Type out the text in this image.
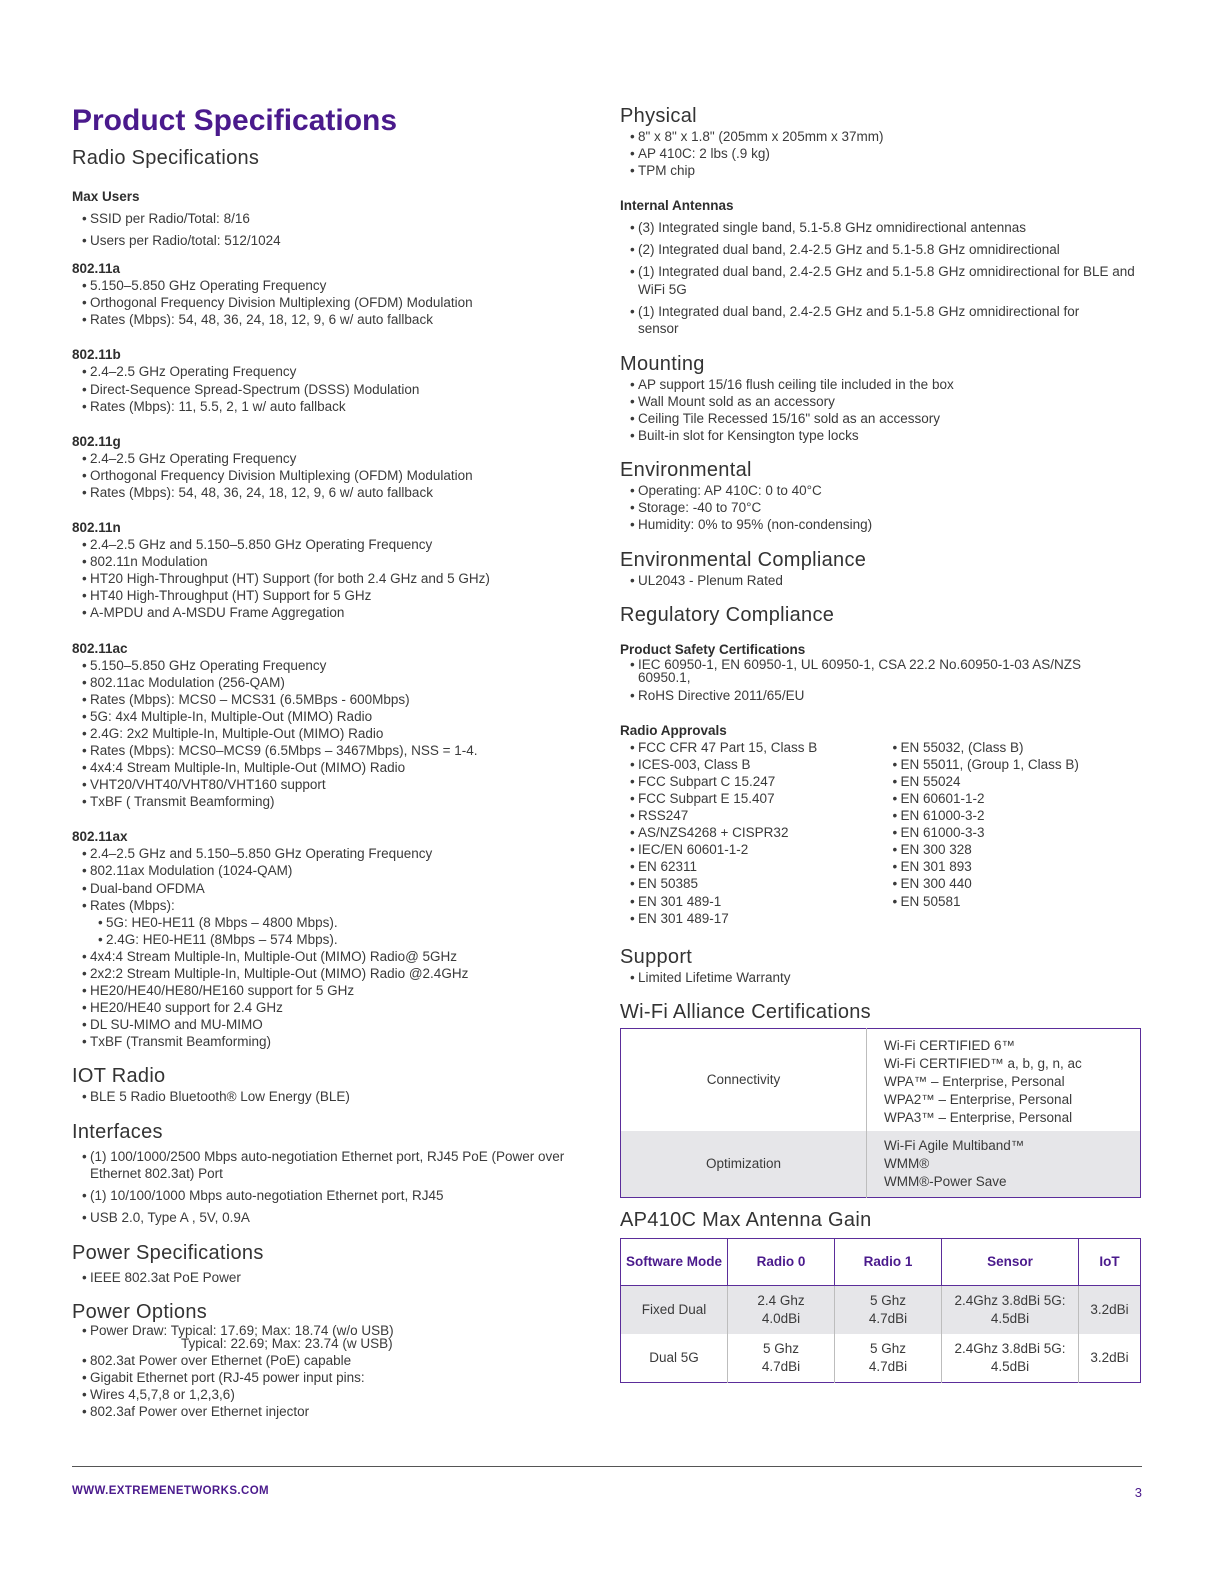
Product Specifications
Radio Specifications
Max Users
• SSID per Radio/Total: 8/16
• Users per Radio/total: 512/1024
802.11a
• 5.150–5.850 GHz Operating Frequency
• Orthogonal Frequency Division Multiplexing (OFDM) Modulation
• Rates (Mbps): 54, 48, 36, 24, 18, 12, 9, 6 w/ auto fallback
802.11b
• 2.4–2.5 GHz Operating Frequency
• Direct-Sequence Spread-Spectrum (DSSS) Modulation
• Rates (Mbps): 11, 5.5, 2, 1 w/ auto fallback
802.11g
• 2.4–2.5 GHz Operating Frequency
• Orthogonal Frequency Division Multiplexing (OFDM) Modulation
• Rates (Mbps): 54, 48, 36, 24, 18, 12, 9, 6 w/ auto fallback
802.11n
• 2.4–2.5 GHz and 5.150–5.850 GHz Operating Frequency
• 802.11n Modulation
• HT20 High-Throughput (HT) Support (for both 2.4 GHz and 5 GHz)
• HT40 High-Throughput (HT) Support for 5 GHz
• A-MPDU and A-MSDU Frame Aggregation
802.11ac
• 5.150–5.850 GHz Operating Frequency
• 802.11ac Modulation (256-QAM)
• Rates (Mbps): MCS0 – MCS31 (6.5MBps - 600Mbps)
• 5G: 4x4 Multiple-In, Multiple-Out (MIMO) Radio
• 2.4G: 2x2 Multiple-In, Multiple-Out (MIMO) Radio
• Rates (Mbps): MCS0–MCS9 (6.5Mbps – 3467Mbps), NSS = 1-4.
• 4x4:4 Stream Multiple-In, Multiple-Out (MIMO) Radio
• VHT20/VHT40/VHT80/VHT160 support
• TxBF ( Transmit Beamforming)
802.11ax
• 2.4–2.5 GHz and 5.150–5.850 GHz Operating Frequency
• 802.11ax Modulation (1024-QAM)
• Dual-band OFDMA
• Rates (Mbps):
• 5G: HE0-HE11 (8 Mbps – 4800 Mbps).
• 2.4G: HE0-HE11 (8Mbps – 574 Mbps).
• 4x4:4 Stream Multiple-In, Multiple-Out (MIMO) Radio@ 5GHz
• 2x2:2 Stream Multiple-In, Multiple-Out (MIMO) Radio @2.4GHz
• HE20/HE40/HE80/HE160 support for 5 GHz
• HE20/HE40 support for 2.4 GHz
• DL SU-MIMO and MU-MIMO
• TxBF (Transmit Beamforming)
IOT Radio
• BLE 5 Radio Bluetooth® Low Energy (BLE)
Interfaces
• (1) 100/1000/2500 Mbps auto-negotiation Ethernet port, RJ45 PoE (Power over Ethernet 802.3at) Port
• (1) 10/100/1000 Mbps auto-negotiation Ethernet port, RJ45
• USB 2.0, Type A , 5V, 0.9A
Power Specifications
• IEEE 802.3at PoE Power
Power Options
• Power Draw: Typical: 17.69; Max: 18.74 (w/o USB)
Typical: 22.69; Max: 23.74 (w USB)
• 802.3at Power over Ethernet (PoE) capable
• Gigabit Ethernet port (RJ-45 power input pins:
• Wires 4,5,7,8 or 1,2,3,6)
• 802.3af Power over Ethernet injector
Physical
• 8" x 8" x 1.8" (205mm x 205mm x 37mm)
• AP 410C: 2 lbs (.9 kg)
• TPM chip
Internal Antennas
• (3) Integrated single band, 5.1-5.8 GHz omnidirectional antennas
• (2) Integrated dual band, 2.4-2.5 GHz and 5.1-5.8 GHz omnidirectional
• (1) Integrated dual band, 2.4-2.5 GHz and 5.1-5.8 GHz omnidirectional for BLE and WiFi 5G
• (1) Integrated dual band, 2.4-2.5 GHz and 5.1-5.8 GHz omnidirectional for sensor
Mounting
• AP support 15/16 flush ceiling tile included in the box
• Wall Mount sold as an accessory
• Ceiling Tile Recessed 15/16" sold as an accessory
• Built-in slot for Kensington type locks
Environmental
• Operating: AP 410C: 0 to 40°C
• Storage: -40 to 70°C
• Humidity: 0% to 95% (non-condensing)
Environmental Compliance
• UL2043 - Plenum Rated
Regulatory Compliance
Product Safety Certifications
• IEC 60950-1, EN 60950-1, UL 60950-1, CSA 22.2 No.60950-1-03 AS/NZS 60950.1,
• RoHS Directive 2011/65/EU
Radio Approvals
• FCC CFR 47 Part 15, Class B
• ICES-003, Class B
• FCC Subpart C 15.247
• FCC Subpart E 15.407
• RSS247
• AS/NZS4268 + CISPR32
• IEC/EN 60601-1-2
• EN 62311
• EN 50385
• EN 301 489-1
• EN 301 489-17
• EN 55032, (Class B)
• EN 55011, (Group 1, Class B)
• EN 55024
• EN 60601-1-2
• EN 61000-3-2
• EN 61000-3-3
• EN 300 328
• EN 301 893
• EN 300 440
• EN 50581
Support
• Limited Lifetime Warranty
Wi-Fi Alliance Certifications
Connectivity	Wi-Fi CERTIFIED 6™
Wi-Fi CERTIFIED™ a, b, g, n, ac
WPA™ – Enterprise, Personal
WPA2™ – Enterprise, Personal
WPA3™ – Enterprise, Personal

Optimization	Wi-Fi Agile Multiband™
WMM®
WMM®-Power Save
AP410C Max Antenna Gain
Software Mode	Radio 0	Radio 1	Sensor	IoT
Fixed Dual	2.4 Ghz 4.0dBi	5 Ghz 4.7dBi	2.4Ghz 3.8dBi 5G: 4.5dBi	3.2dBi
Dual 5G	5 Ghz 4.7dBi	5 Ghz 4.7dBi	2.4Ghz 3.8dBi 5G: 4.5dBi	3.2dBi
WWW.EXTREMENETWORKS.COM	3
